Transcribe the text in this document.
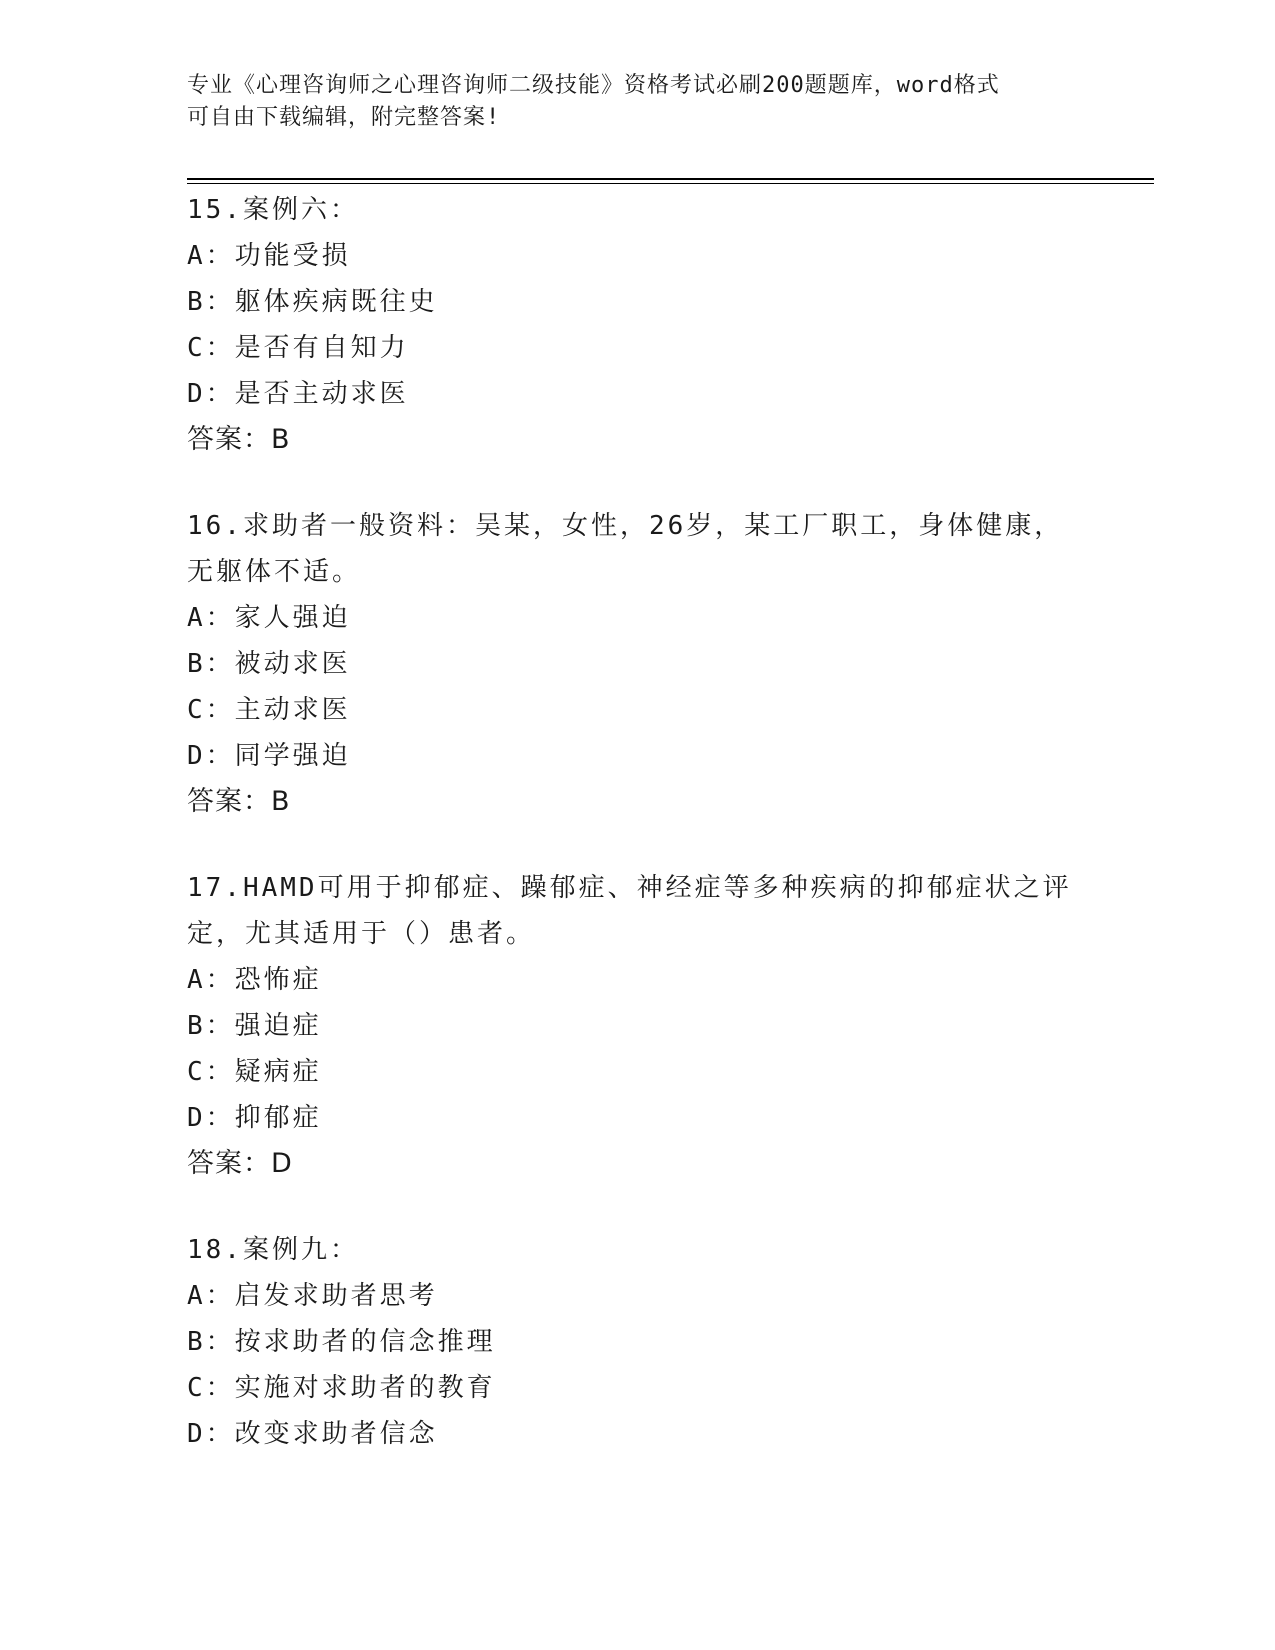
专业《心理咨询师之心理咨询师二级技能》资格考试必刷200题题库，word格式
可自由下载编辑，附完整答案!
15.案例六：
A：功能受损
B：躯体疾病既往史
C：是否有自知力
D：是否主动求医
答案：B
16.求助者一般资料：吴某，女性，26岁，某工厂职工，身体健康，无躯体不适。
A：家人强迫
B：被动求医
C：主动求医
D：同学强迫
答案：B
17.HAMD可用于抑郁症、躁郁症、神经症等多种疾病的抑郁症状之评定，尤其适用于（）患者。
A：恐怖症
B：强迫症
C：疑病症
D：抑郁症
答案：D
18.案例九：
A：启发求助者思考
B：按求助者的信念推理
C：实施对求助者的教育
D：改变求助者信念
